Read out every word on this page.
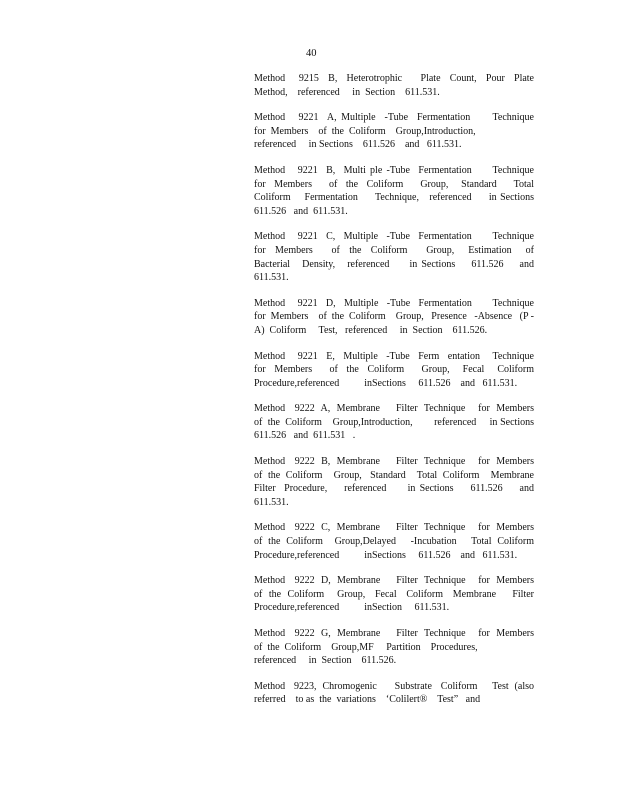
40
Method   9215  B,  Heterotrophic    Plate  Count,  Pour  Plate
Method,    referenced     in  Section    611.531.
Method   9221  A, Multiple  -Tube  Fermentation     Technique
for  Members    of  the  Coliform    Group,Introduction,
referenced     in Sections    611.526    and   611.531.
Method   9221  B,  Multi ple -Tube  Fermentation     Technique
for  Members    of  the  Coliform    Group,   Standard    Total
Coliform    Fermentation     Technique,   referenced     in Sections
611.526   and  611.531.
Method   9221  C,  Multiple  -Tube  Fermentation     Technique
for  Members    of  the  Coliform    Group,   Estimation   of
Bacterial   Density,   referenced     in Sections    611.526    and
611.531.
Method   9221  D,  Multiple  -Tube  Fermentation     Technique
for  Members    of  the  Coliform    Group,   Presence   -Absence   (P -
A)  Coliform     Test,   referenced     in  Section    611.526.
Method   9221  E,  Multiple  -Tube  Ferm  entation   Technique
for  Members    of  the  Coliform    Group,   Fecal   Coliform
Procedure,referenced          inSections     611.526    and   611.531.
Method   9222  A,  Membrane     Filter  Technique    for  Members
of  the  Coliform    Group,Introduction,        referenced     in Sections
611.526   and  611.531   .
Method   9222  B,  Membrane     Filter  Technique    for  Members
of  the  Coliform    Group,   Standard    Total  Coliform    Membrane
Filter  Procedure,    referenced     in Sections    611.526    and
611.531.
Method   9222  C,  Membrane     Filter  Technique    for  Members
of  the  Coliform    Group,Delayed     -Incubation     Total  Coliform
Procedure,referenced          inSections     611.526    and   611.531.
Method   9222  D,  Membrane     Filter  Technique    for  Members
of  the  Coliform    Group,   Fecal   Coliform   Membrane     Filter
Procedure,referenced          inSection     611.531.
Method   9222  G,  Membrane     Filter  Technique    for  Members
of  the  Coliform    Group,MF     Partition    Procedures,
referenced     in  Section    611.526.
Method   9223,  Chromogenic      Substrate   Coliform     Test  (also
referred    to as  the  variations    ‘Colilert®    Test”   and
